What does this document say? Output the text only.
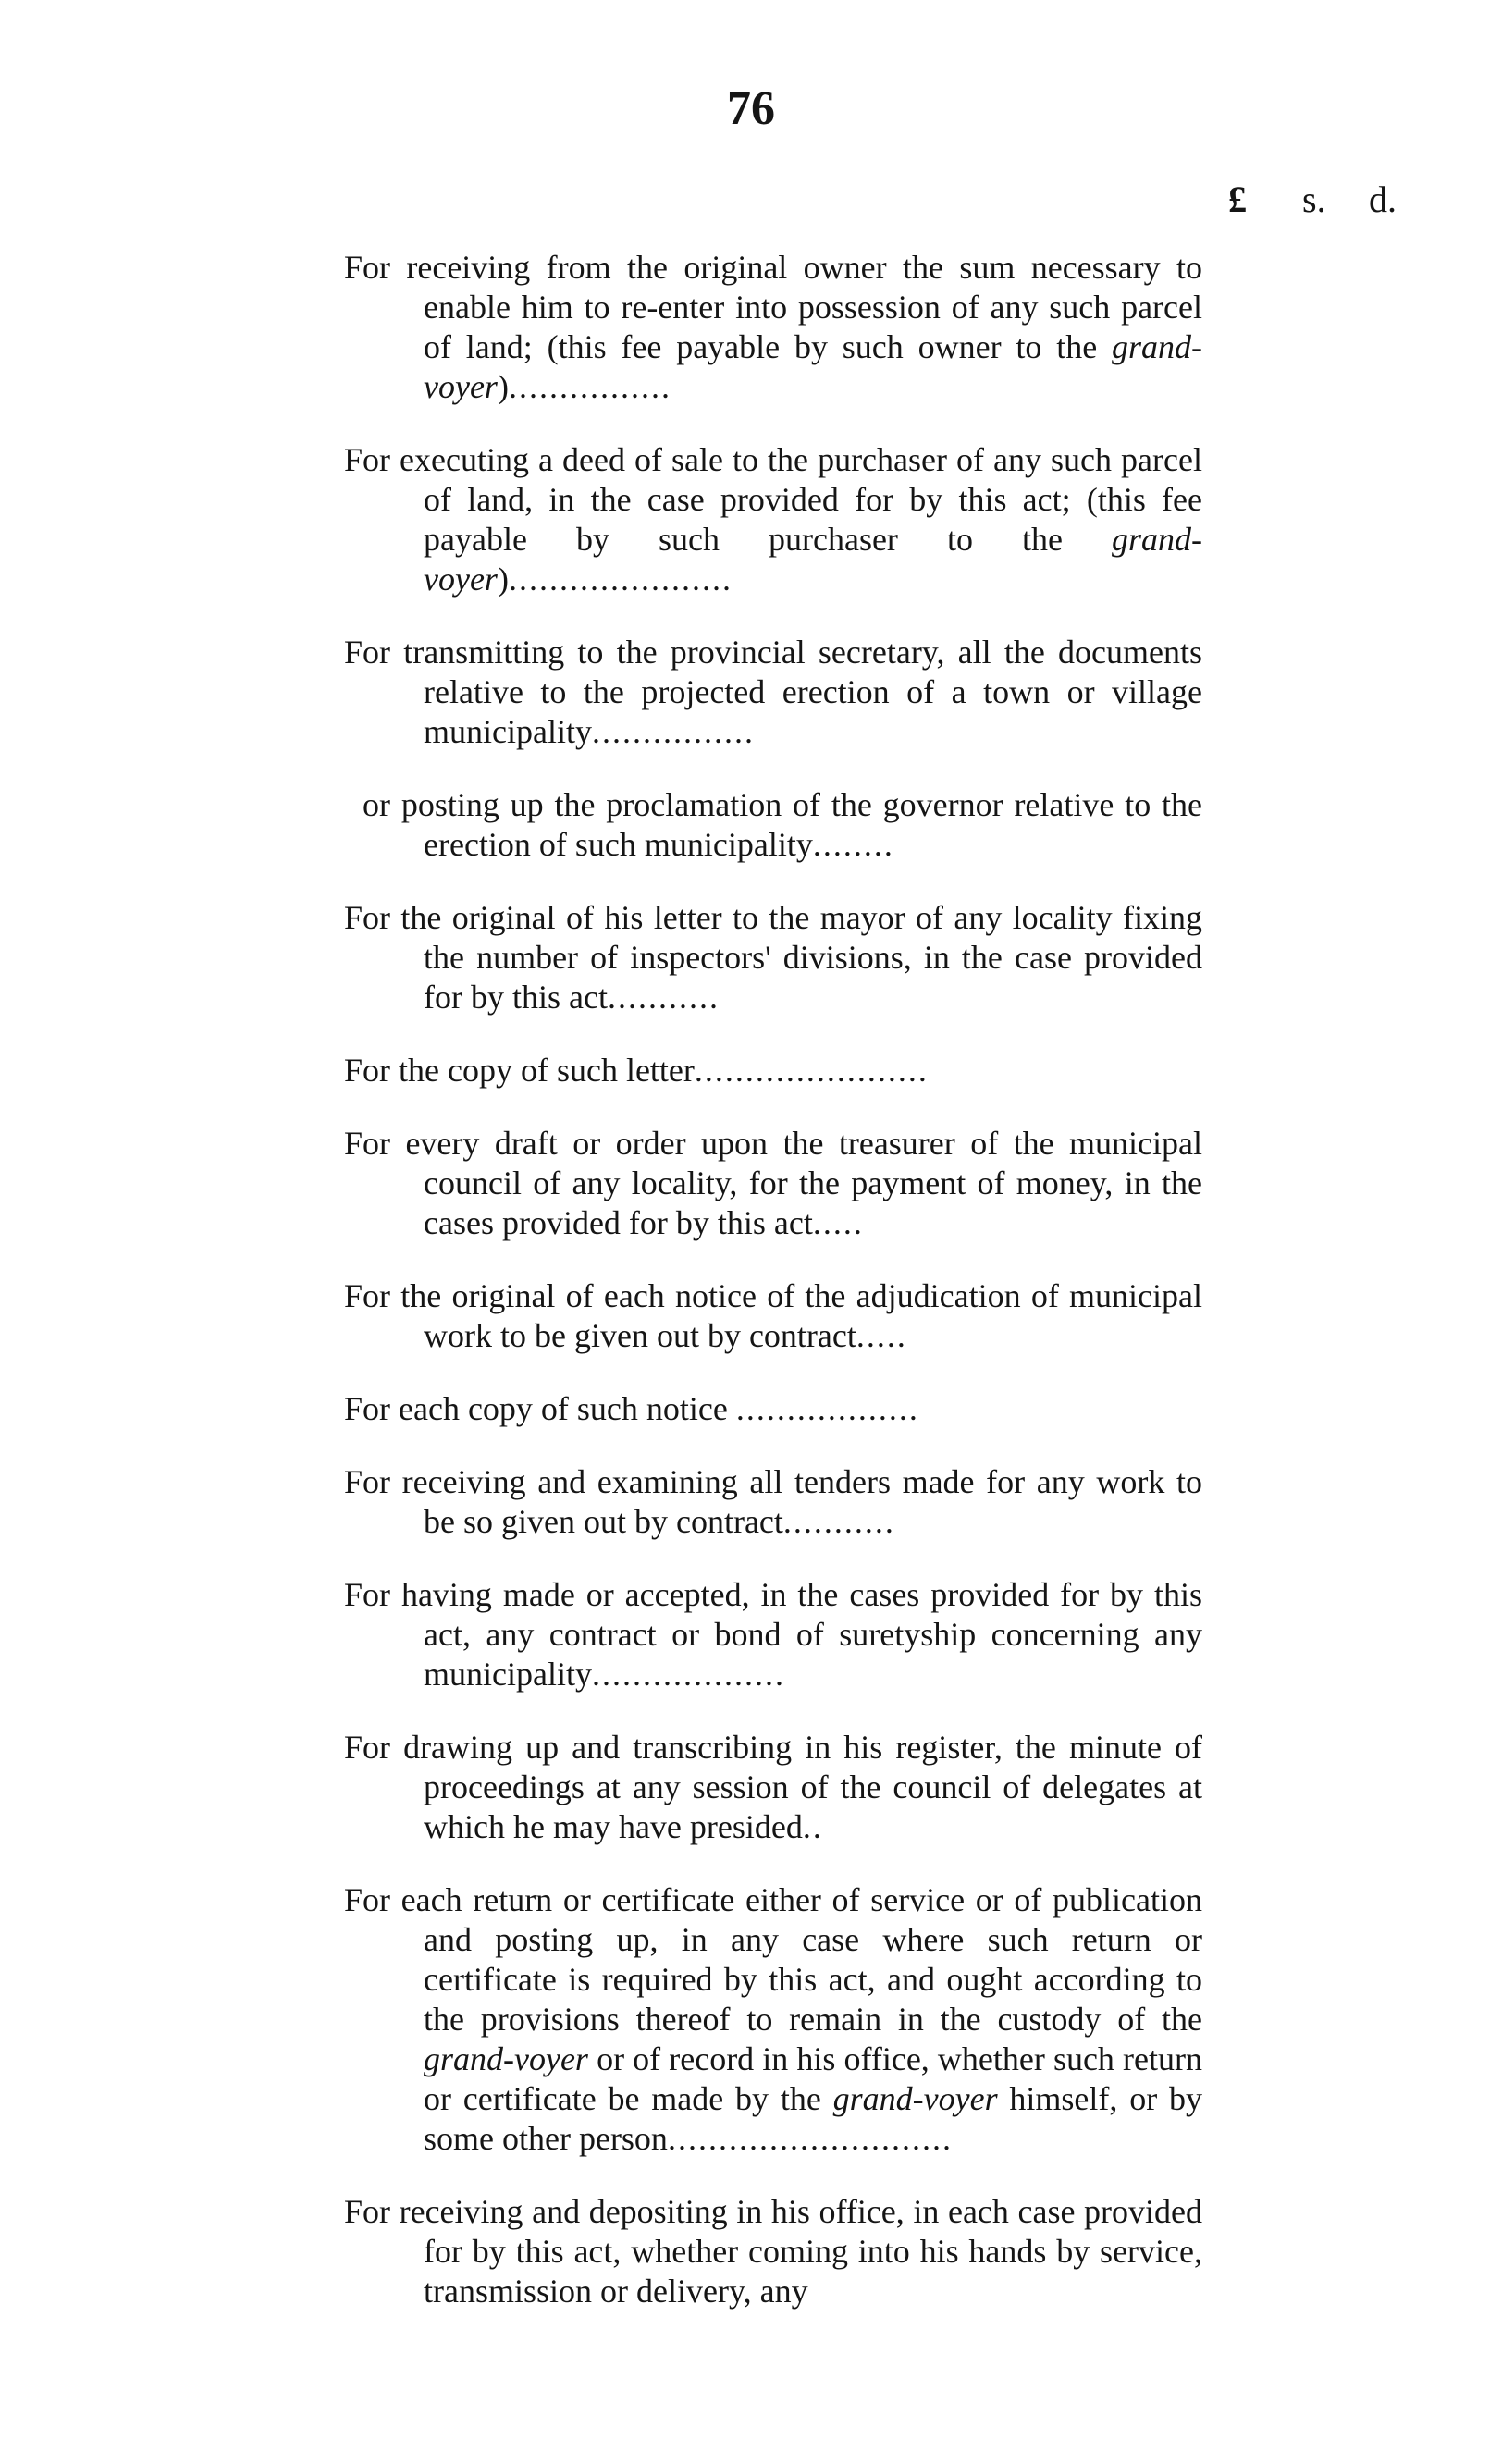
76
£ s. d.

For receiving from the original owner the sum necessary to enable him to re-enter into possession of any such parcel of land; (this fee payable by such owner to the grand-voyer)................

For executing a deed of sale to the purchaser of any such parcel of land, in the case provided for by this act; (this fee payable by such purchaser to the grand-voyer)......................

For transmitting to the provincial secretary, all the documents relative to the projected erection of a town or village municipality................

or posting up the proclamation of the governor relative to the erection of such municipality........

For the original of his letter to the mayor of any locality fixing the number of inspectors' divisions, in the case provided for by this act...........

For the copy of such letter.......................

For every draft or order upon the treasurer of the municipal council of any locality, for the payment of money, in the cases provided for by this act.....

For the original of each notice of the adjudication of municipal work to be given out by contract.....

For each copy of such notice ..................

For receiving and examining all tenders made for any work to be so given out by contract...........

For having made or accepted, in the cases provided for by this act, any contract or bond of suretyship concerning any municipality...................

For drawing up and transcribing in his register, the minute of proceedings at any session of the council of delegates at which he may have presided..

For each return or certificate either of service or of publication and posting up, in any case where such return or certificate is required by this act, and ought according to the provisions thereof to remain in the custody of the grand-voyer or of record in his office, whether such return or certificate be made by the grand-voyer himself, or by some other person............................

For receiving and depositing in his office, in each case provided for by this act, whether coming into his hands by service, transmission or delivery, any
